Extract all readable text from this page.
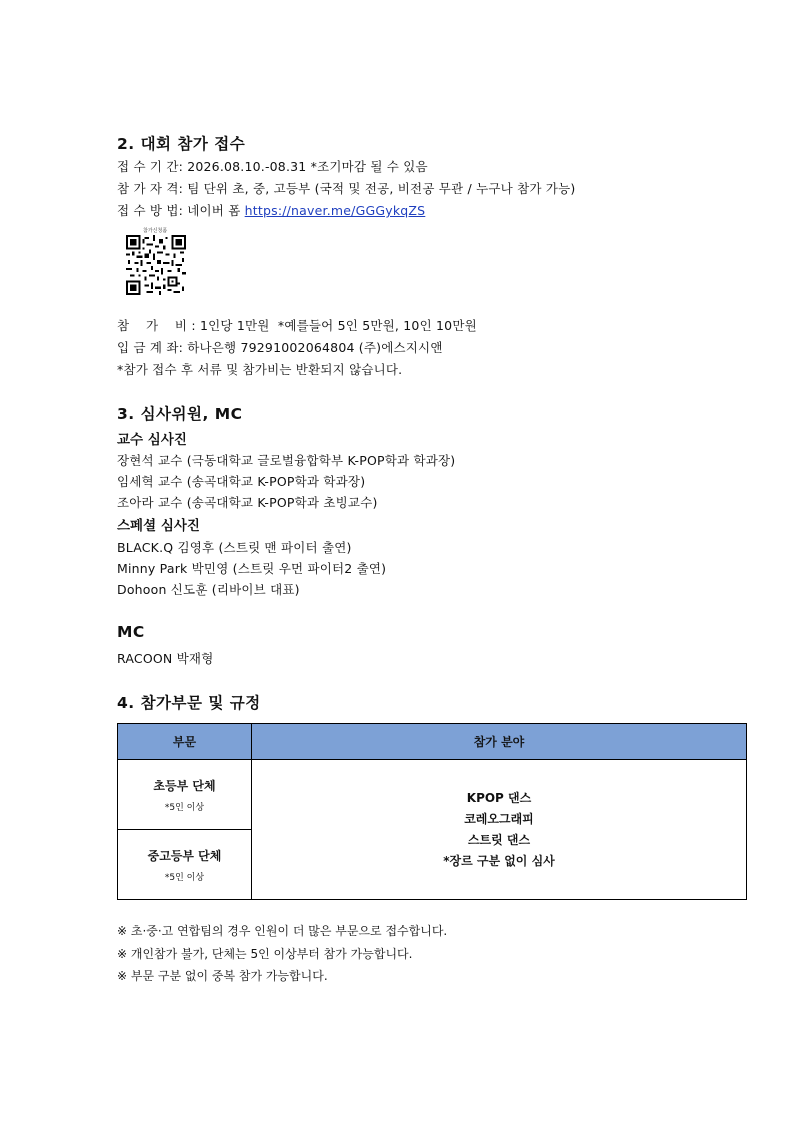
2. 대회 참가 접수
접 수 기 간: 2026.08.10.-08.31 *조기마감 될 수 있음
참 가 자 격: 팀 단위 초, 중, 고등부 (국적 및 전공, 비전공 무관 / 누구나 참가 가능)
접 수 방 법: 네이버 폼 https://naver.me/GGGykqZS
참가신청폼
참    가    비 : 1인당 1만원  *예를들어 5인 5만원, 10인 10만원
입 금 계 좌: 하나은행 79291002064804 (주)에스지시앤
*참가 접수 후 서류 및 참가비는 반환되지 않습니다.
3. 심사위원, MC
교수 심사진
장현석 교수 (극동대학교 글로벌융합학부 K-POP학과 학과장)
임세혁 교수 (송곡대학교 K-POP학과 학과장)
조아라 교수 (송곡대학교 K-POP학과 초빙교수)
스페셜 심사진
BLACK.Q 김영후 (스트릿 맨 파이터 출연)
Minny Park 박민영 (스트릿 우먼 파이터2 출연)
Dohoon 신도훈 (리바이브 대표)
MC
RACOON 박재형
4. 참가부문 및 규정
부문	참가 분야

초등부 단체
*5인 이상	KPOP 댄스
코레오그래피
스트릿 댄스
*장르 구분 없이 심사

중고등부 단체
*5인 이상	
※ 초·중·고 연합팀의 경우 인원이 더 많은 부문으로 접수합니다.
※ 개인참가 불가, 단체는 5인 이상부터 참가 가능합니다.
※ 부문 구분 없이 중복 참가 가능합니다.
